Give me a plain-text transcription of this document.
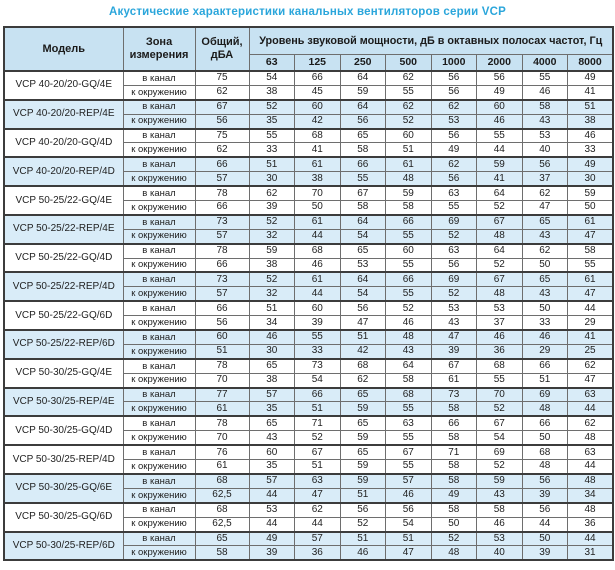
Акустические характеристики канальных вентиляторов серии VCP
Модель	Зона измерения	Общий, дБА	Уровень звуковой мощности, дБ в октавных полосах частот, Гц							
			63	125	250	500	1000	2000	4000	8000
VCP 40-20/20-GQ/4E	в канал	75	54	66	64	62	56	56	55	49
	к окружению	62	38	45	59	55	56	49	46	41
VCP 40-20/20-REP/4E	в канал	67	52	60	64	62	62	60	58	51
	к окружению	56	35	42	56	52	53	46	43	38
VCP 40-20/20-GQ/4D	в канал	75	55	68	65	60	56	55	53	46
	к окружению	62	33	41	58	51	49	44	40	33
VCP 40-20/20-REP/4D	в канал	66	51	61	66	61	62	59	56	49
	к окружению	57	30	38	55	48	56	41	37	30
VCP 50-25/22-GQ/4E	в канал	78	62	70	67	59	63	64	62	59
	к окружению	66	39	50	58	58	55	52	47	50
VCP 50-25/22-REP/4E	в канал	73	52	61	64	66	69	67	65	61
	к окружению	57	32	44	54	55	52	48	43	47
VCP 50-25/22-GQ/4D	в канал	78	59	68	65	60	63	64	62	58
	к окружению	66	38	46	53	55	56	52	50	55
VCP 50-25/22-REP/4D	в канал	73	52	61	64	66	69	67	65	61
	к окружению	57	32	44	54	55	52	48	43	47
VCP 50-25/22-GQ/6D	в канал	66	51	60	56	52	53	53	50	44
	к окружению	56	34	39	47	46	43	37	33	29
VCP 50-25/22-REP/6D	в канал	60	46	55	51	48	47	46	46	41
	к окружению	51	30	33	42	43	39	36	29	25
VCP 50-30/25-GQ/4E	в канал	78	65	73	68	64	67	68	66	62
	к окружению	70	38	54	62	58	61	55	51	47
VCP 50-30/25-REP/4E	в канал	77	57	66	65	68	73	70	69	63
	к окружению	61	35	51	59	55	58	52	48	44
VCP 50-30/25-GQ/4D	в канал	78	65	71	65	63	66	67	66	62
	к окружению	70	43	52	59	55	58	54	50	48
VCP 50-30/25-REP/4D	в канал	76	60	67	65	67	71	69	68	63
	к окружению	61	35	51	59	55	58	52	48	44
VCP 50-30/25-GQ/6E	в канал	68	57	63	59	57	58	59	56	48
	к окружению	62,5	44	47	51	46	49	43	39	34
VCP 50-30/25-GQ/6D	в канал	68	53	62	56	56	58	58	56	48
	к окружению	62,5	44	44	52	54	50	46	44	36
VCP 50-30/25-REP/6D	в канал	65	49	57	51	51	52	53	50	44
	к окружению	58	39	36	46	47	48	40	39	31
